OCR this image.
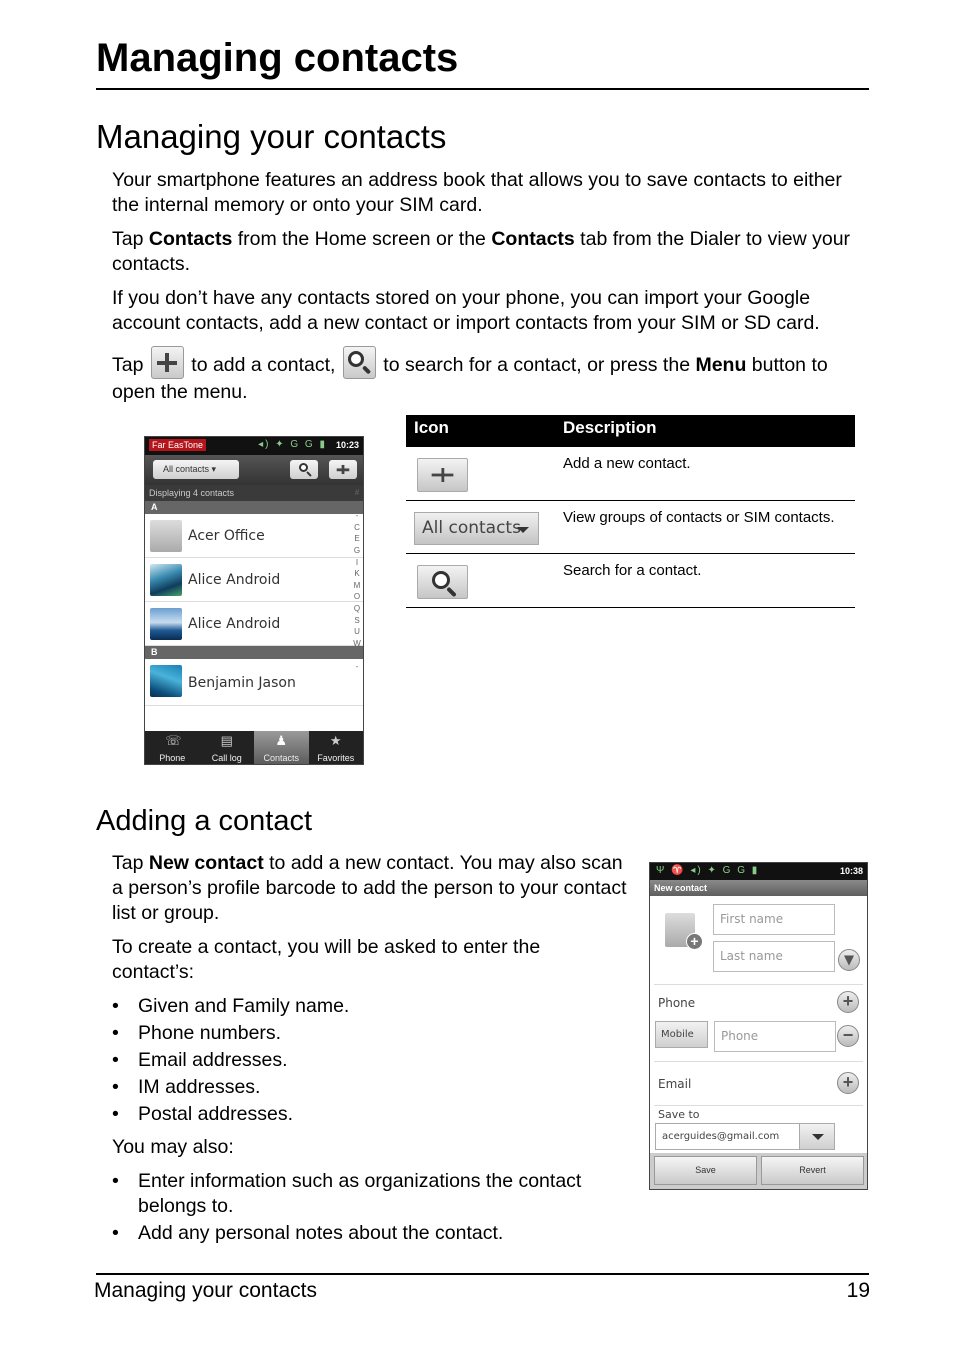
Managing contacts
Managing your contacts
Your smartphone features an address book that allows you to save contacts to either the internal memory or onto your SIM card.
Tap Contacts from the Home screen or the Contacts tab from the Dialer to view your contacts.
If you don’t have any contacts stored on your phone, you can import your Google account contacts, add a new contact or import contacts from your SIM or SD card.
Tap
to add a contact,
to search for a contact, or press the Menu button to open the menu.
Far EasTone	◂) ✦ G G ▮ 10:23
All contacts ▾
Displaying 4 contacts
A
Acer Office
Alice Android
Alice Android
B
Benjamin Jason
#
A
-
C
E
G
I
K
M
O
Q
S
U
W
Y
-
☏
Phone
▤
Call log
♟
Contacts
★
Favorites
Icon	Description
Add a new contact.
All contacts
View groups of contacts or SIM contacts.
Search for a contact.
Adding a contact
Tap New contact to add a new contact. You may also scan a person’s profile barcode to add the person to your contact list or group.
To create a contact, you will be asked to enter the contact’s:
• Given and Family name.
• Phone numbers.
• Email addresses.
• IM addresses.
• Postal addresses.
You may also:
• Enter information such as organizations the contact belongs to.
• Add any personal notes about the contact.
Ψ ♈ ◂) ✦ G G ▮	10:38
New contact
+
First name
Last name	▾
Phone	+
Mobile	Phone	−
Email	+
Save to
acerguides@gmail.com
Save	Revert
Managing your contacts	19
